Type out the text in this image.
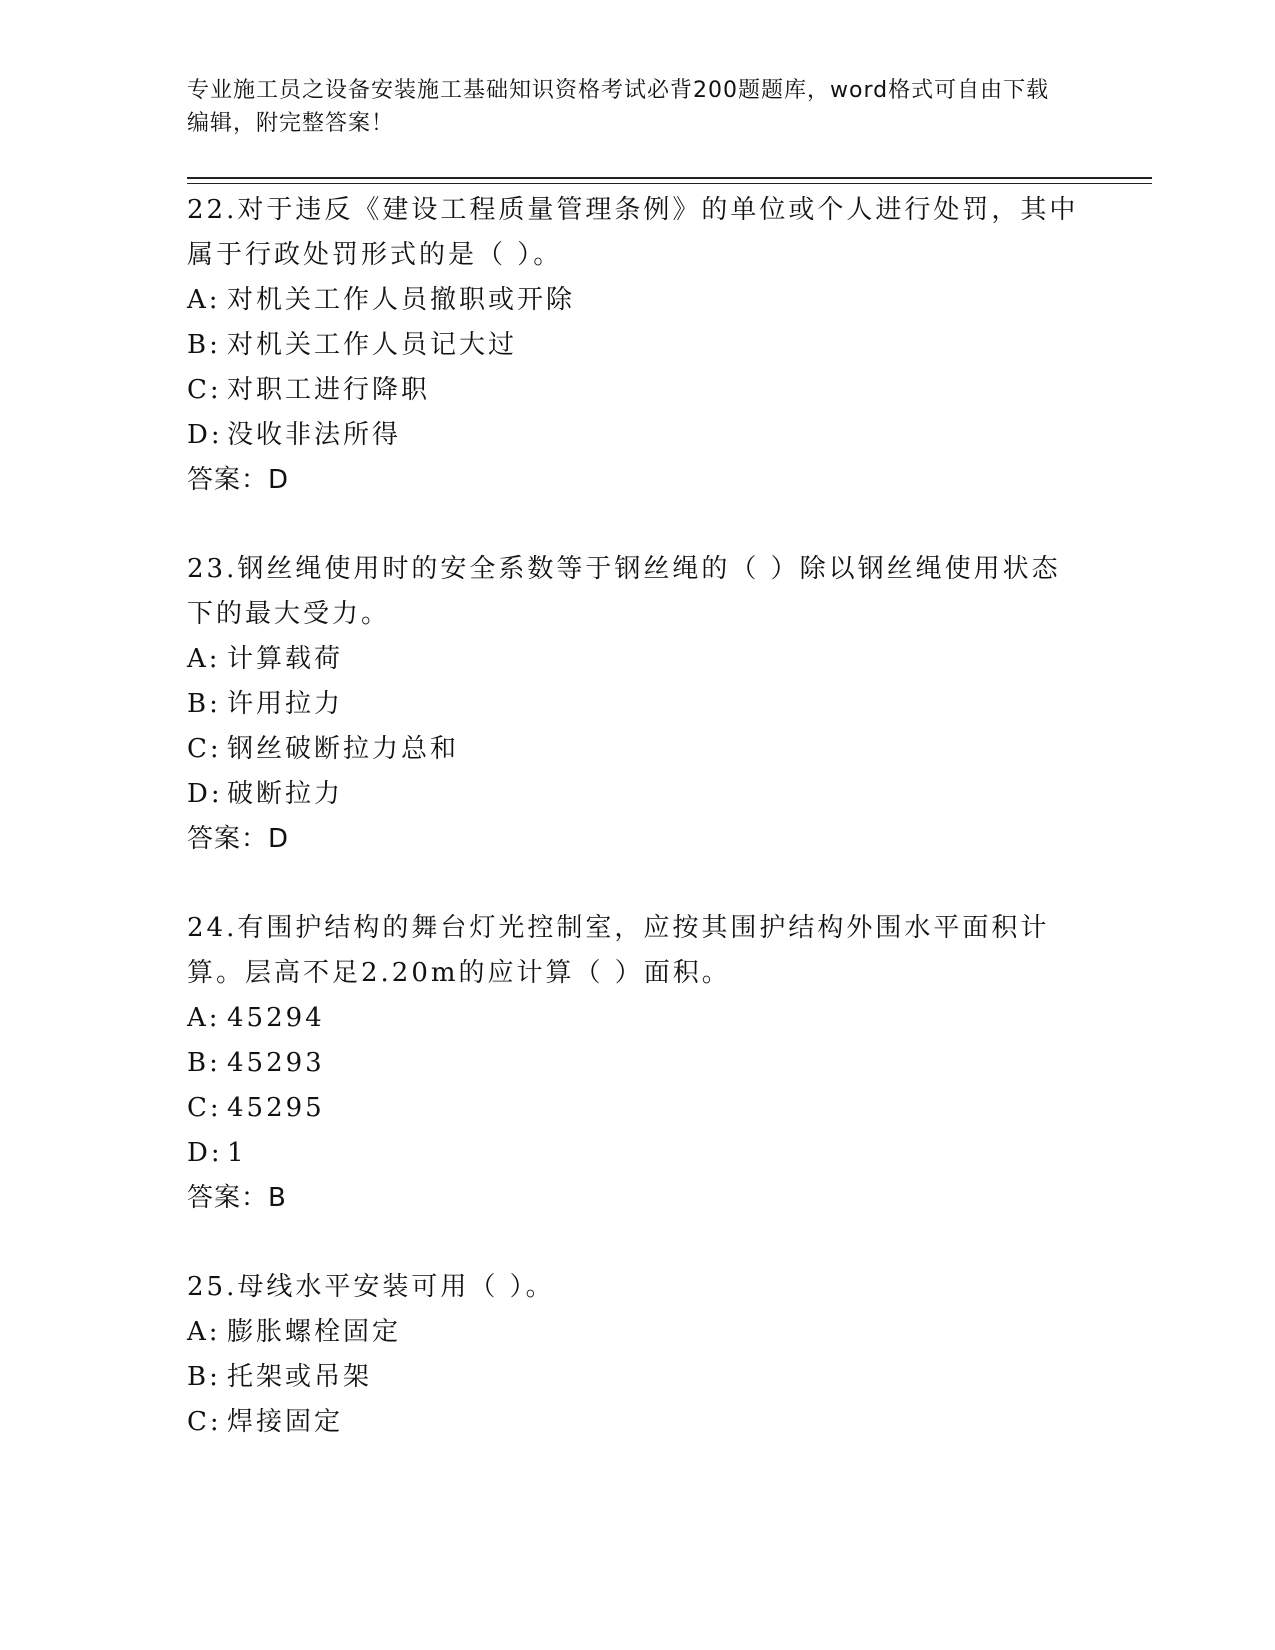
专业施工员之设备安装施工基础知识资格考试必背200题题库，word格式可自由下载编辑，附完整答案！
22.对于违反《建设工程质量管理条例》的单位或个人进行处罚，其中属于行政处罚形式的是（ ）。
A: 对机关工作人员撤职或开除
B: 对机关工作人员记大过
C: 对职工进行降职
D: 没收非法所得
答案：D
23.钢丝绳使用时的安全系数等于钢丝绳的（ ）除以钢丝绳使用状态下的最大受力。
A: 计算载荷
B: 许用拉力
C: 钢丝破断拉力总和
D: 破断拉力
答案：D
24.有围护结构的舞台灯光控制室，应按其围护结构外围水平面积计算。层高不足2.20m的应计算（ ）面积。
A: 45294
B: 45293
C: 45295
D: 1
答案：B
25.母线水平安装可用（ ）。
A: 膨胀螺栓固定
B: 托架或吊架
C: 焊接固定
